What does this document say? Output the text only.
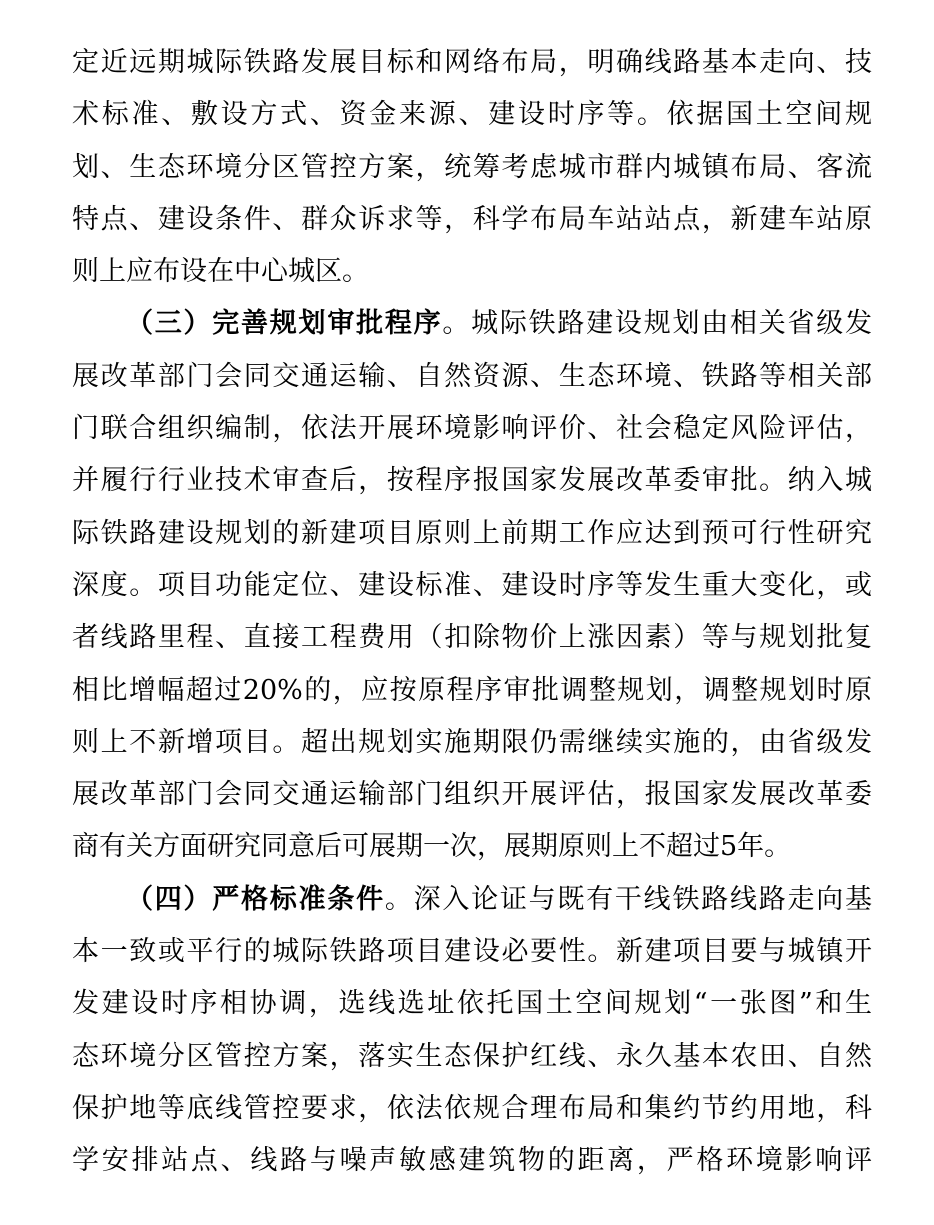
定近远期城际铁路发展目标和网络布局，明确线路基本走向、技
术标准、敷设方式、资金来源、建设时序等。依据国土空间规
划、生态环境分区管控方案，统筹考虑城市群内城镇布局、客流
特点、建设条件、群众诉求等，科学布局车站站点，新建车站原
则上应布设在中心城区。
（三）完善规划审批程序。城际铁路建设规划由相关省级发
展改革部门会同交通运输、自然资源、生态环境、铁路等相关部
门联合组织编制，依法开展环境影响评价、社会稳定风险评估，
并履行行业技术审查后，按程序报国家发展改革委审批。纳入城
际铁路建设规划的新建项目原则上前期工作应达到预可行性研究
深度。项目功能定位、建设标准、建设时序等发生重大变化，或
者线路里程、直接工程费用（扣除物价上涨因素）等与规划批复
相比增幅超过20%的，应按原程序审批调整规划，调整规划时原
则上不新增项目。超出规划实施期限仍需继续实施的，由省级发
展改革部门会同交通运输部门组织开展评估，报国家发展改革委
商有关方面研究同意后可展期一次，展期原则上不超过5年。
（四）严格标准条件。深入论证与既有干线铁路线路走向基
本一致或平行的城际铁路项目建设必要性。新建项目要与城镇开
发建设时序相协调，选线选址依托国土空间规划“一张图”和生
态环境分区管控方案，落实生态保护红线、永久基本农田、自然
保护地等底线管控要求，依法依规合理布局和集约节约用地，科
学安排站点、线路与噪声敏感建筑物的距离，严格环境影响评
